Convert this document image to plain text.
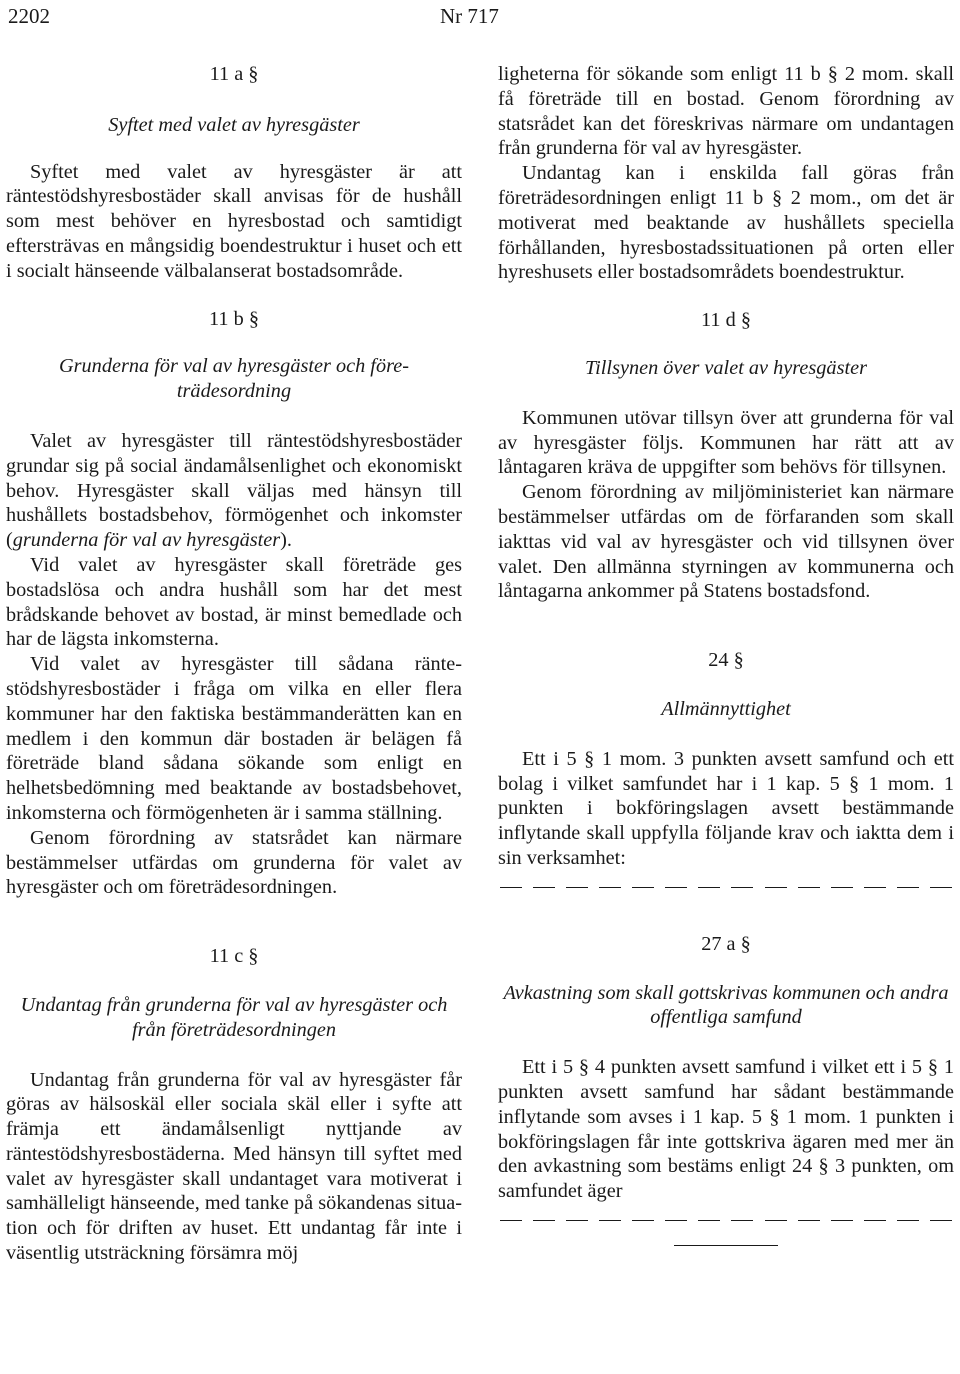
2202	Nr 717

11 a §

Syftet med valet av hyresgäster

Syftet med valet av hyresgäster är att räntestödshyresbostäder skall anvisas för de hushåll som mest behöver en hyresbostad och samtidigt eftersträvas en mångsidig boendestruktur i huset och ett i socialt hänseende välbalanserat bostadsområde.

11 b §

Grunderna för val av hyresgäster och företrädesordning

Valet av hyresgäster till räntestödshyresbostäder grundar sig på social ändamålsenlighet och ekonomiskt behov. Hyresgäster skall väljas med hänsyn till hushållets bostadsbehov, förmögenhet och inkomster (grunderna för val av hyresgäster).

Vid valet av hyresgäster skall företräde ges bostadslösa och andra hushåll som har det mest brådskande behovet av bostad, är minst bemedlade och har de lägsta inkomsterna.

Vid valet av hyresgäster till sådana räntestödshyresbostäder i fråga om vilka en eller flera kommuner har den faktiska bestämmanderätten kan en medlem i den kommun där bostaden är belägen få företräde bland sådana sökande som enligt en helhetsbedömning med beaktande av bostadsbehovet, inkomsterna och förmögenheten är i samma ställning.

Genom förordning av statsrådet kan närmare bestämmelser utfärdas om grunderna för valet av hyresgäster och om företrädesordningen.

11 c §

Undantag från grunderna för val av hyresgäster och från företrädesordningen

Undantag från grunderna för val av hyresgäster får göras av hälsoskäl eller sociala skäl eller i syfte att främja ett ändamålsenligt nyttjande av räntestödshyresbostäderna. Med hänsyn till syftet med valet av hyresgäster skall undantaget vara motiverat i samhälleligt hänseende, med tanke på sökandenas situation och för driften av huset. Ett undantag får inte i väsentlig utsträckning försämra möj

ligheterna för sökande som enligt 11 b § 2 mom. skall få företräde till en bostad. Genom förordning av statsrådet kan det föreskrivas närmare om undantagen från grunderna för val av hyresgäster.

Undantag kan i enskilda fall göras från företrädesordningen enligt 11 b § 2 mom., om det är motiverat med beaktande av hushållets speciella förhållanden, hyresbostadssituationen på orten eller hyreshusets eller bostadsområdets boendestruktur.

11 d §

Tillsynen över valet av hyresgäster

Kommunen utövar tillsyn över att grunderna för val av hyresgäster följs. Kommunen har rätt att av låntagaren kräva de uppgifter som behövs för tillsynen.

Genom förordning av miljöministeriet kan närmare bestämmelser utfärdas om de förfaranden som skall iakttas vid val av hyresgäster och vid tillsynen över valet. Den allmänna styrningen av kommunerna och låntagarna ankommer på Statens bostadsfond.

24 §

Allmännyttighet

Ett i 5 § 1 mom. 3 punkten avsett samfund och ett bolag i vilket samfundet har i 1 kap. 5 § 1 mom. 1 punkten i bokföringslagen avsett bestämmande inflytande skall uppfylla följande krav och iaktta dem i sin verksamhet:

27 a §

Avkastning som skall gottskrivas kommunen och andra offentliga samfund

Ett i 5 § 4 punkten avsett samfund i vilket ett i 5 § 1 punkten avsett samfund har sådant bestämmande inflytande som avses i 1 kap. 5 § 1 mom. 1 punkten i bokföringslagen får inte gottskriva ägaren med mer än den avkastning som bestäms enligt 24 § 3 punkten, om samfundet äger
